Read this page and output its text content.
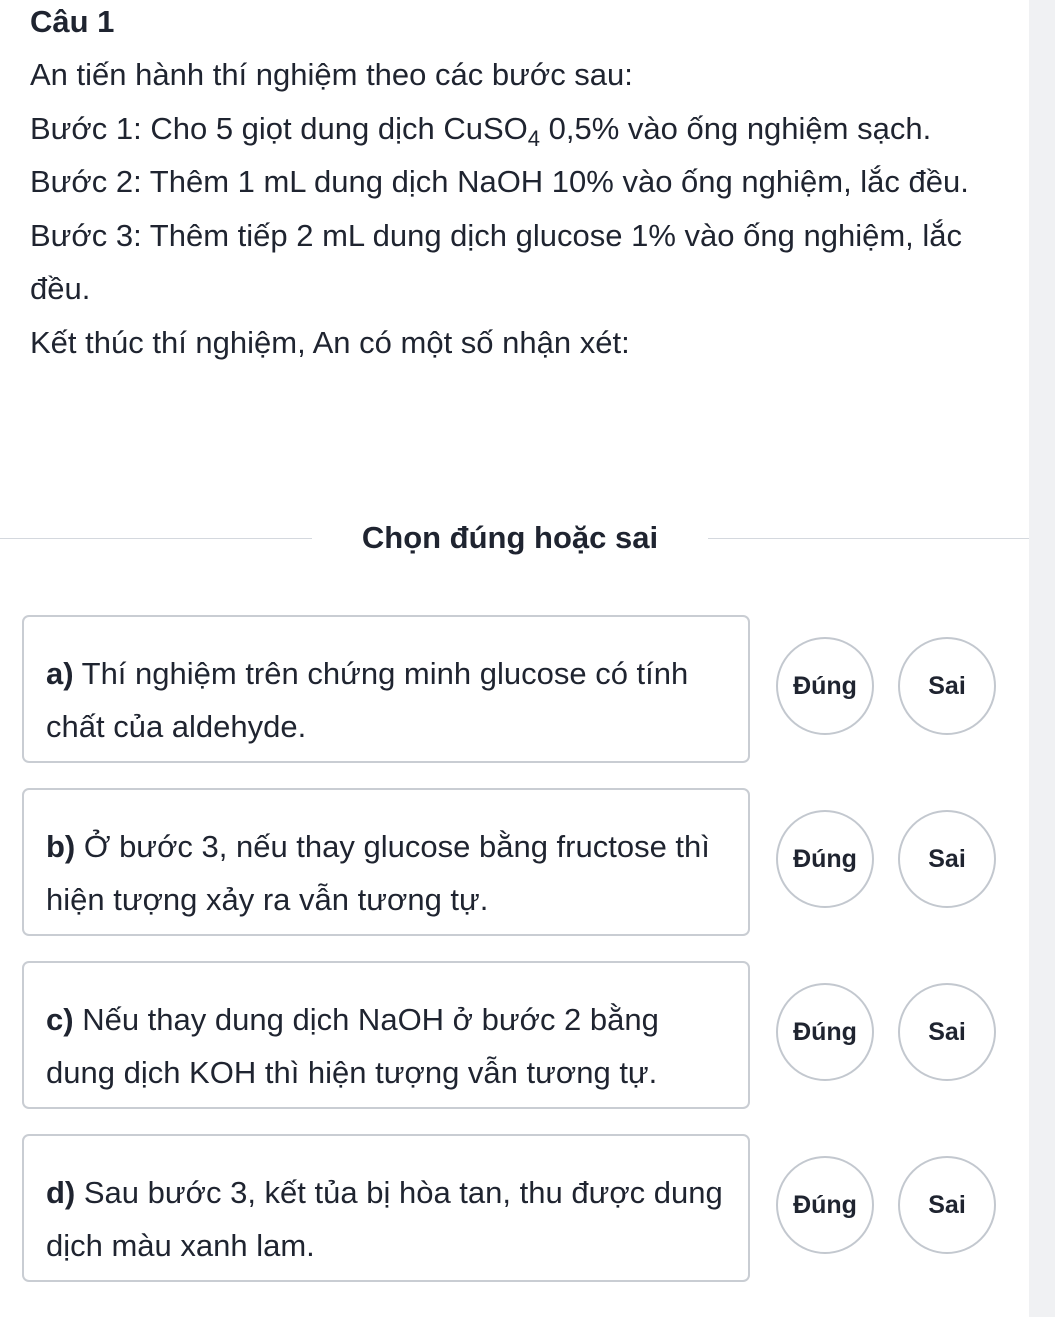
Câu 1

An tiến hành thí nghiệm theo các bước sau:

Bước 1: Cho 5 giọt dung dịch CuSO$_4$ 0,5% vào ống nghiệm sạch.

Bước 2: Thêm 1 mL dung dịch NaOH 10% vào ống nghiệm, lắc đều.

Bước 3: Thêm tiếp 2 mL dung dịch glucose 1% vào ống nghiệm, lắc đều.

Kết thúc thí nghiệm, An có một số nhận xét:

Chọn đúng hoặc sai
a) Thí nghiệm trên chứng minh glucose có tính chất của aldehyde.
Đúng	Sai
b) Ở bước 3, nếu thay glucose bằng fructose thì hiện tượng xảy ra vẫn tương tự.
Đúng	Sai
c) Nếu thay dung dịch NaOH ở bước 2 bằng dung dịch KOH thì hiện tượng vẫn tương tự.
Đúng	Sai
d) Sau bước 3, kết tủa bị hòa tan, thu được dung dịch màu xanh lam.
Đúng	Sai
